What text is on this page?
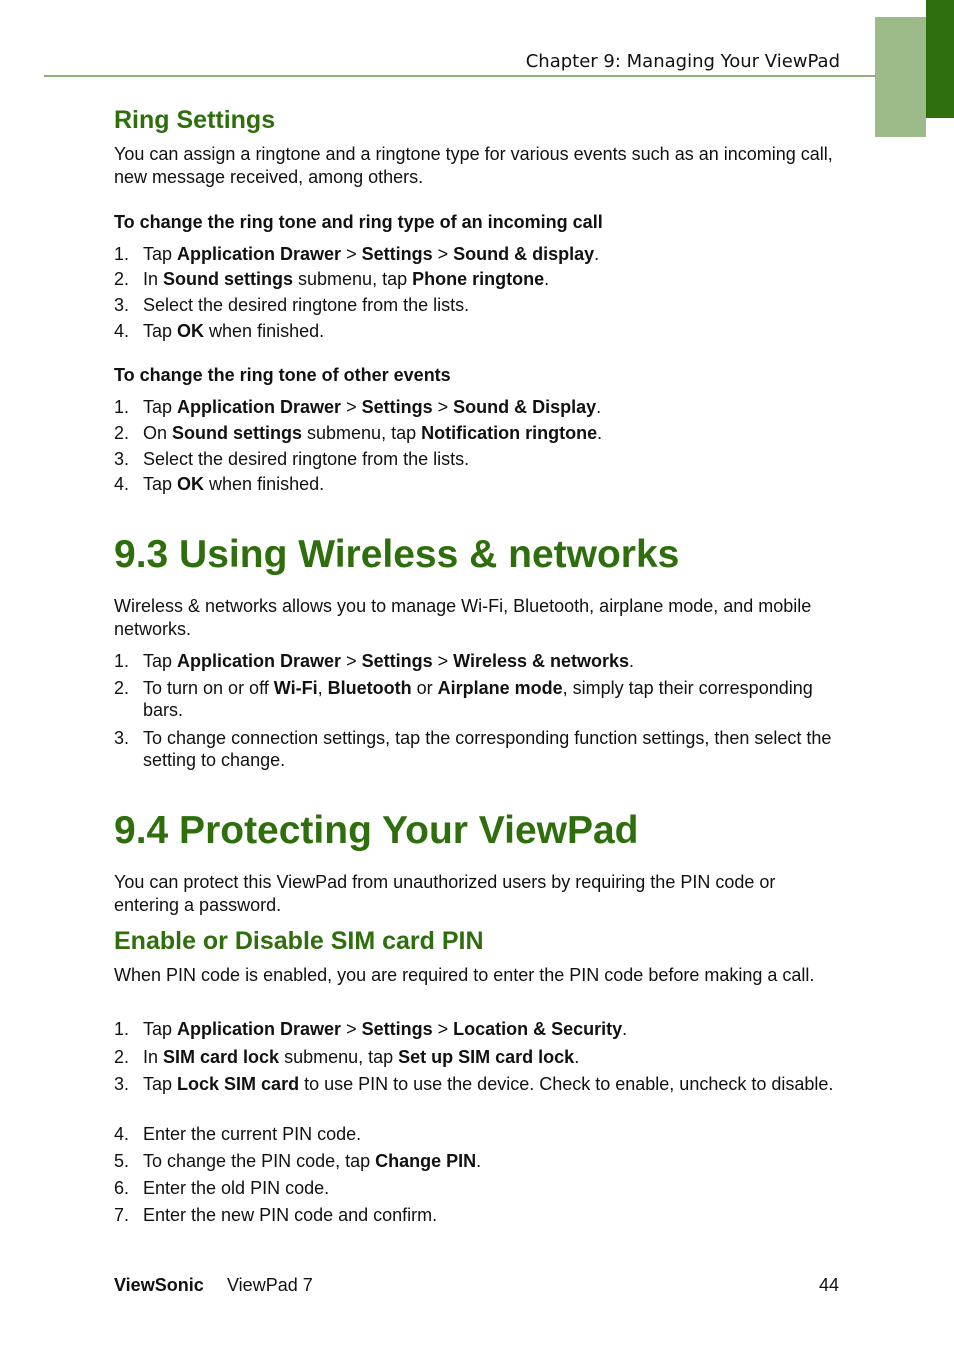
Chapter 9: Managing Your ViewPad
Ring Settings

You can assign a ringtone and a ringtone type for various events such as an incoming call, new message received, among others.

To change the ring tone and ring type of an incoming call

1. Tap Application Drawer > Settings > Sound & display.
2. In Sound settings submenu, tap Phone ringtone.
3. Select the desired ringtone from the lists.
4. Tap OK when finished.

To change the ring tone of other events

1. Tap Application Drawer > Settings > Sound & Display.
2. On Sound settings submenu, tap Notification ringtone.
3. Select the desired ringtone from the lists.
4. Tap OK when finished.
9.3 Using Wireless & networks

Wireless & networks allows you to manage Wi-Fi, Bluetooth, airplane mode, and mobile networks.

1. Tap Application Drawer > Settings > Wireless & networks.
2. To turn on or off Wi-Fi, Bluetooth or Airplane mode, simply tap their corresponding bars.
3. To change connection settings, tap the corresponding function settings, then select the setting to change.
9.4 Protecting Your ViewPad

You can protect this ViewPad from unauthorized users by requiring the PIN code or entering a password.

Enable or Disable SIM card PIN

When PIN code is enabled, you are required to enter the PIN code before making a call.

1. Tap Application Drawer > Settings > Location & Security.
2. In SIM card lock submenu, tap Set up SIM card lock.
3. Tap Lock SIM card to use PIN to use the device. Check to enable, uncheck to disable.
4. Enter the current PIN code.
5. To change the PIN code, tap Change PIN.
6. Enter the old PIN code.
7. Enter the new PIN code and confirm.
ViewSonic ViewPad 7	44
